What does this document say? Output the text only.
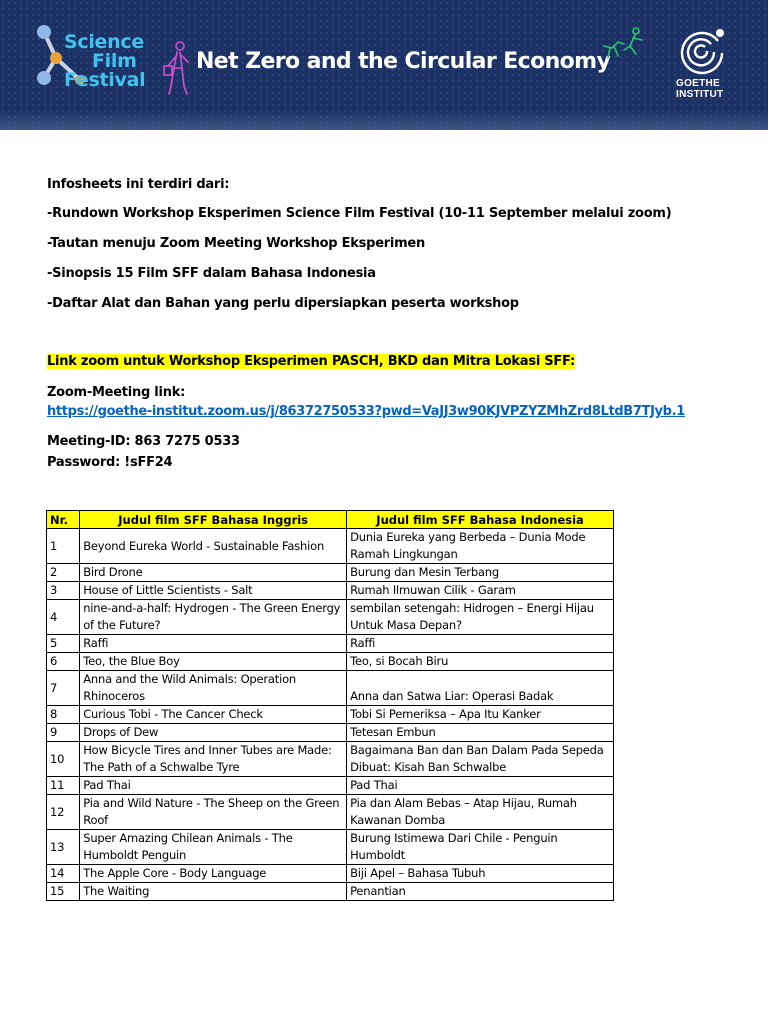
Science
Film
Festival
Net Zero and the Circular Economy
GOETHE
INSTITUT
Infosheets ini terdiri dari:
-Rundown Workshop Eksperimen Science Film Festival (10-11 September melalui zoom)
-Tautan menuju Zoom Meeting Workshop Eksperimen
-Sinopsis 15 Film SFF dalam Bahasa Indonesia
-Daftar Alat dan Bahan yang perlu dipersiapkan peserta workshop
Link zoom untuk Workshop Eksperimen PASCH, BKD dan Mitra Lokasi SFF:
Zoom-Meeting link:
https://goethe-institut.zoom.us/j/86372750533?pwd=VaJJ3w90KJVPZYZMhZrd8LtdB7TJyb.1
Meeting-ID: 863 7275 0533
Password: !sFF24
Nr.	Judul film SFF Bahasa Inggris	Judul film SFF Bahasa Indonesia
1	Beyond Eureka World - Sustainable Fashion	Dunia Eureka yang Berbeda – Dunia Mode Ramah Lingkungan
2	Bird Drone	Burung dan Mesin Terbang
3	House of Little Scientists - Salt	Rumah Ilmuwan Cilik - Garam
4	nine-and-a-half: Hydrogen - The Green Energy of the Future?	sembilan setengah: Hidrogen – Energi Hijau Untuk Masa Depan?
5	Raffi	Raffi
6	Teo, the Blue Boy	Teo, si Bocah Biru
7	Anna and the Wild Animals: Operation Rhinoceros	Anna dan Satwa Liar: Operasi Badak
8	Curious Tobi - The Cancer Check	Tobi Si Pemeriksa – Apa Itu Kanker
9	Drops of Dew	Tetesan Embun
10	How Bicycle Tires and Inner Tubes are Made: The Path of a Schwalbe Tyre	Bagaimana Ban dan Ban Dalam Pada Sepeda Dibuat: Kisah Ban Schwalbe
11	Pad Thai	Pad Thai
12	Pia and Wild Nature - The Sheep on the Green Roof	Pia dan Alam Bebas – Atap Hijau, Rumah Kawanan Domba
13	Super Amazing Chilean Animals - The Humboldt Penguin	Burung Istimewa Dari Chile - Penguin Humboldt
14	The Apple Core - Body Language	Biji Apel – Bahasa Tubuh
15	The Waiting	Penantian
